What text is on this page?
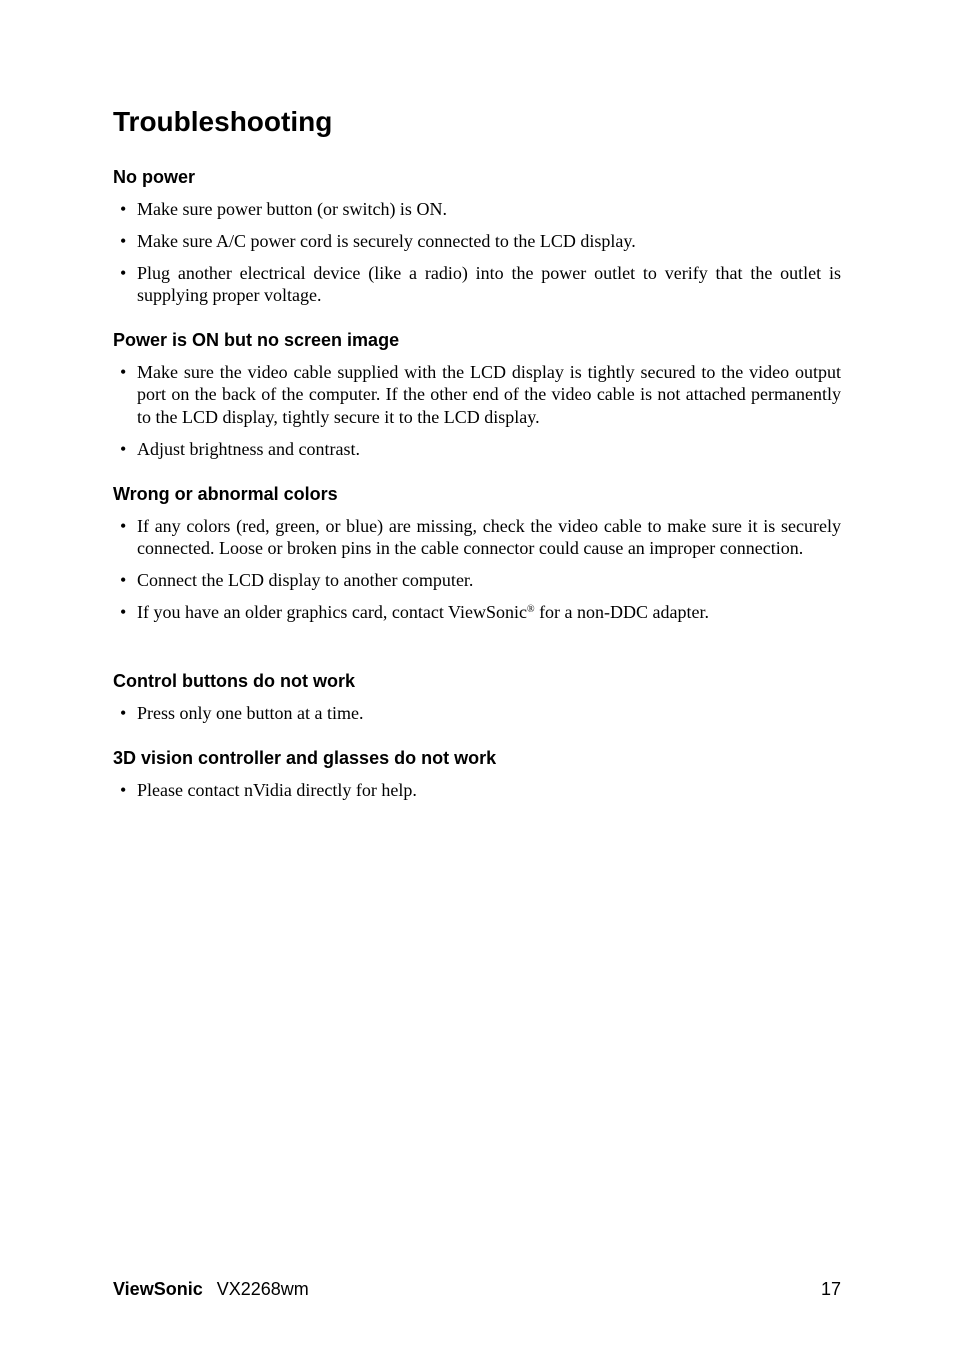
Troubleshooting
No power
• Make sure power button (or switch) is ON.
• Make sure A/C power cord is securely connected to the LCD display.
• Plug another electrical device (like a radio) into the power outlet to verify that the outlet is supplying proper voltage.
Power is ON but no screen image
• Make sure the video cable supplied with the LCD display is tightly secured to the video output port on the back of the computer. If the other end of the video cable is not attached permanently to the LCD display, tightly secure it to the LCD display.
• Adjust brightness and contrast.
Wrong or abnormal colors
• If any colors (red, green, or blue) are missing, check the video cable to make sure it is securely connected. Loose or broken pins in the cable connector could cause an improper connection.
• Connect the LCD display to another computer.
• If you have an older graphics card, contact ViewSonic® for a non-DDC adapter.
Control buttons do not work
• Press only one button at a time.
3D vision controller and glasses do not work
• Please contact nVidia directly for help.
ViewSonic VX2268wm	17
